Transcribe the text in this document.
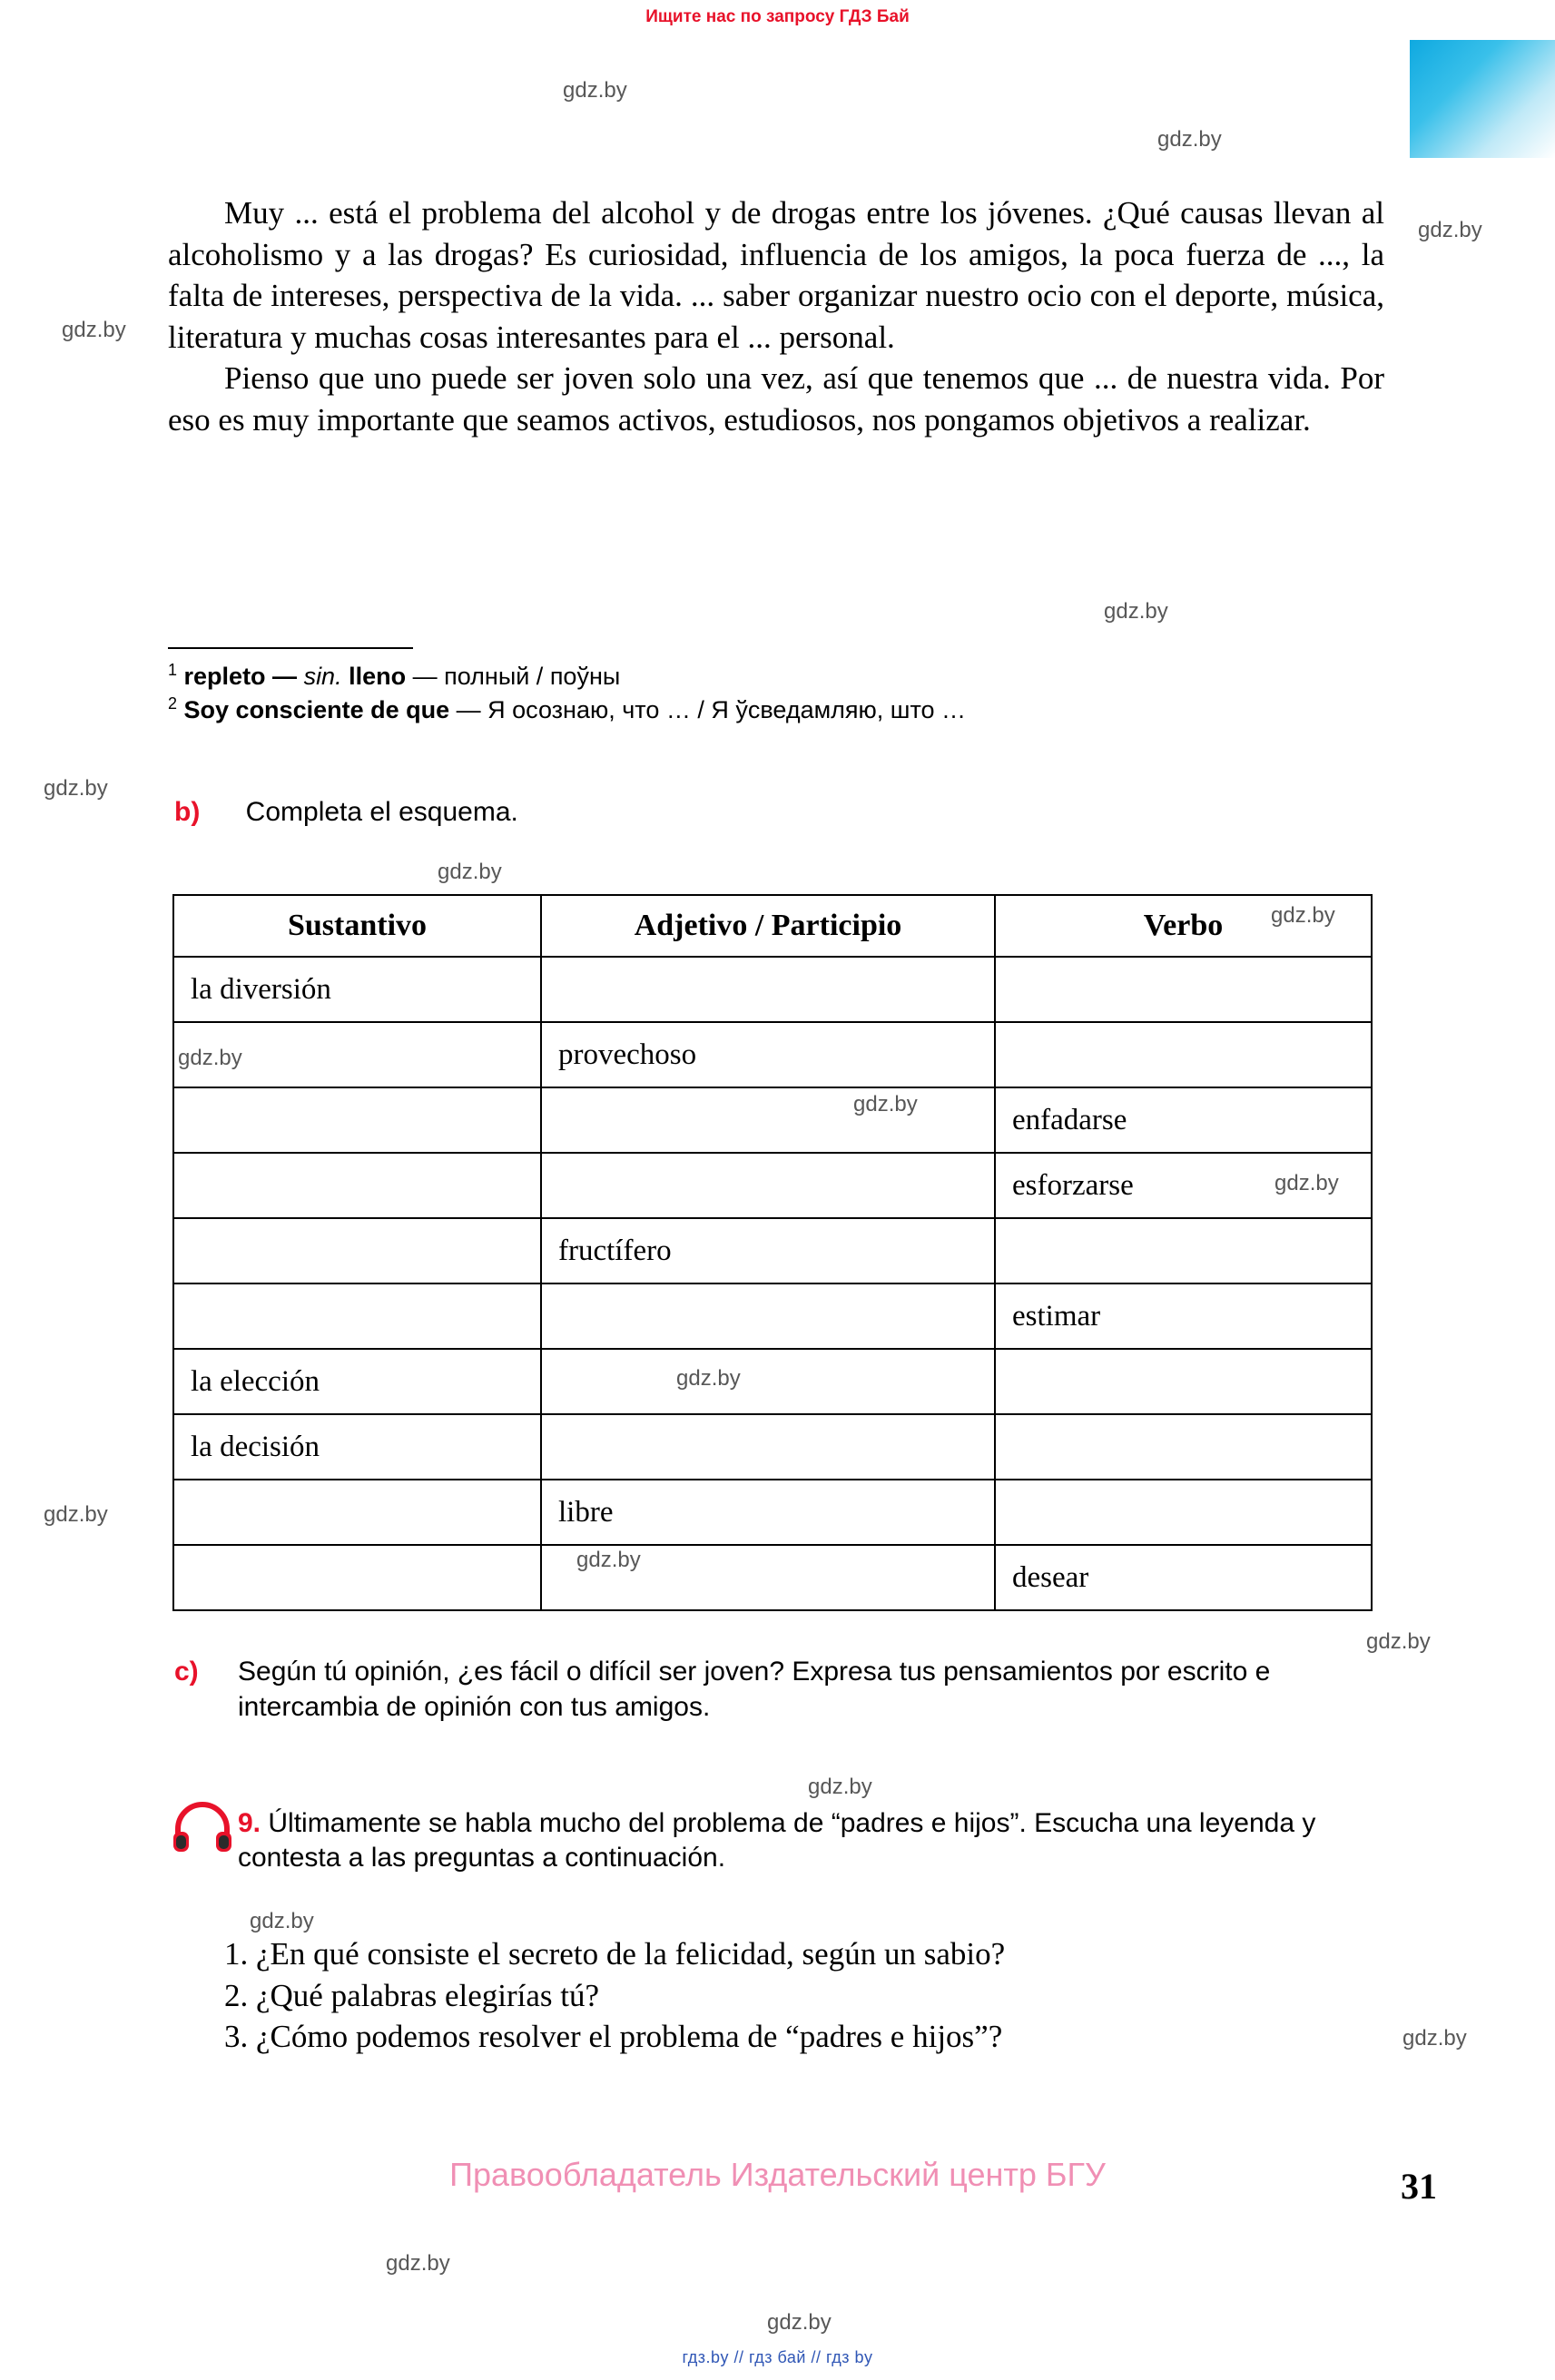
Ищите нас по запросу ГДЗ Бай
gdz.by
gdz.by
gdz.by
gdz.by
gdz.by
gdz.by
gdz.by
gdz.by
gdz.by
gdz.by
gdz.by
gdz.by
gdz.by
gdz.by
gdz.by
gdz.by
gdz.by
gdz.by
gdz.by
gdz.by

Muy ... está el problema del alcohol y de drogas entre los jóvenes. ¿Qué causas llevan al alcoholismo y a las drogas? Es curiosidad, influencia de los amigos, la poca fuerza de ..., la falta de intereses, perspectiva de la vida. ... saber organizar nuestro ocio con el deporte, música, literatura y muchas cosas interesantes para el ... personal.

Pienso que uno puede ser joven solo una vez, así que tenemos que ... de nuestra vida. Por eso es muy importante que seamos activos, estudiosos, nos pongamos objetivos a realizar.

$^1$ repleto — sin. lleno — полный / поўны
$^2$ Soy consciente de que — Я осознаю, что … / Я ўсведамляю, што …
b) Completa el esquema.
Sustantivo	Adjetivo / Participio	Verbo
la diversión		
	provechoso	
		enfadarse
		esforzarse
	fructífero	
		estimar
la elección		
la decisión		
	libre	
		desear
c) Según tú opinión, ¿es fácil o difícil ser joven? Expresa tus pensamientos por escrito e intercambia de opinión con tus amigos.
9. Últimamente se habla mucho del problema de “padres e hijos”. Escucha una leyenda y contesta a las preguntas a continuación.

1. ¿En qué consiste el secreto de la felicidad, según un sabio?

2. ¿Qué palabras elegirías tú?

3. ¿Cómo podemos resolver el problema de “padres e hijos”?

Правообладатель Издательский центр БГУ	31
гдз.by // гдз бай // гдз by
